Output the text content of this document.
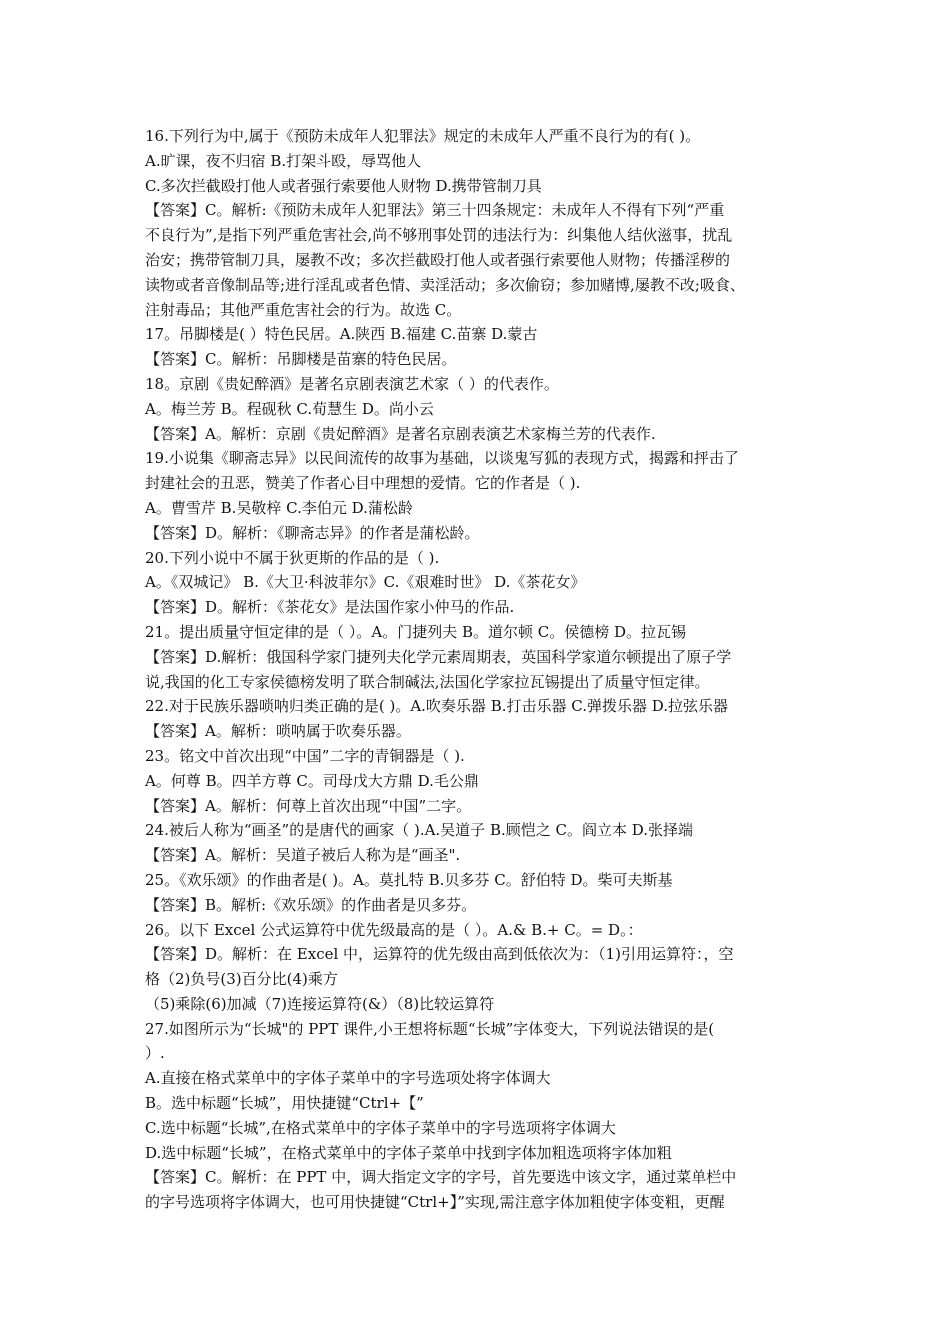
16.下列行为中,属于《预防未成年人犯罪法》规定的未成年人严重不良行为的有( )。
A.旷课，夜不归宿 B.打架斗殴，辱骂他人
C.多次拦截殴打他人或者强行索要他人财物 D.携带管制刀具
【答案】C。解析:《预防未成年人犯罪法》第三十四条规定：未成年人不得有下列“严重
不良行为”,是指下列严重危害社会,尚不够刑事处罚的违法行为：纠集他人结伙滋事，扰乱
治安；携带管制刀具，屡教不改；多次拦截殴打他人或者强行索要他人财物；传播淫秽的
读物或者音像制品等;进行淫乱或者色情、卖淫活动；多次偷窃；参加赌博,屡教不改;吸食、
注射毒品；其他严重危害社会的行为。故选 C。
17。吊脚楼是( ）特色民居。A.陕西 B.福建 C.苗寨 D.蒙古
【答案】C。解析：吊脚楼是苗寨的特色民居。
18。京剧《贵妃醉酒》是著名京剧表演艺术家（ ）的代表作。
A。梅兰芳 B。程砚秋 C.荀慧生 D。尚小云
【答案】A。解析：京剧《贵妃醉酒》是著名京剧表演艺术家梅兰芳的代表作.
19.小说集《聊斋志异》以民间流传的故事为基础，以谈鬼写狐的表现方式，揭露和抨击了
封建社会的丑恶，赞美了作者心目中理想的爱情。它的作者是（ ).
A。曹雪芹 B.吴敬梓 C.李伯元 D.蒲松龄
【答案】D。解析：《聊斋志异》的作者是蒲松龄。
20.下列小说中不属于狄更斯的作品的是（ ).
A。《双城记》 B.《大卫·科波菲尔》C.《艰难时世》 D.《茶花女》
【答案】D。解析：《茶花女》是法国作家小仲马的作品.
21。提出质量守恒定律的是（ ）。A。门捷列夫 B。道尔顿 C。侯德榜 D。拉瓦锡
【答案】D.解析：俄国科学家门捷列夫化学元素周期表，英国科学家道尔顿提出了原子学
说,我国的化工专家侯德榜发明了联合制碱法,法国化学家拉瓦锡提出了质量守恒定律。
22.对于民族乐器唢呐归类正确的是( )。A.吹奏乐器 B.打击乐器 C.弹拨乐器 D.拉弦乐器
【答案】A。解析：唢呐属于吹奏乐器。
23。铭文中首次出现“中国”二字的青铜器是（ ).
A。何尊 B。四羊方尊 C。司母戊大方鼎 D.毛公鼎
【答案】A。解析：何尊上首次出现“中国”二字。
24.被后人称为“画圣”的是唐代的画家（ ).A.吴道子 B.顾恺之 C。阎立本 D.张择端
【答案】A。解析：吴道子被后人称为是“画圣".
25。《欢乐颂》的作曲者是( )。A。莫扎特 B.贝多芬 C。舒伯特 D。柴可夫斯基
【答案】B。解析:《欢乐颂》的作曲者是贝多芬。
26。以下 Excel 公式运算符中优先级最高的是（ ）。A.& B.+ C。= D。：
【答案】D。解析：在 Excel 中，运算符的优先级由高到低依次为：（1)引用运算符：，空
格（2)负号(3)百分比(4)乘方
（5)乘除(6)加减（7)连接运算符(&）（8)比较运算符
27.如图所示为“长城"的 PPT 课件,小王想将标题“长城”字体变大，下列说法错误的是(
）.
A.直接在格式菜单中的字体子菜单中的字号选项处将字体调大
B。选中标题“长城”，用快捷键“Ctrl+【”
C.选中标题“长城”,在格式菜单中的字体子菜单中的字号选项将字体调大
D.选中标题“长城”，在格式菜单中的字体子菜单中找到字体加粗选项将字体加粗
【答案】C。解析：在 PPT 中，调大指定文字的字号，首先要选中该文字，通过菜单栏中
的字号选项将字体调大，也可用快捷键“Ctrl+】”实现,需注意字体加粗使字体变粗，更醒
